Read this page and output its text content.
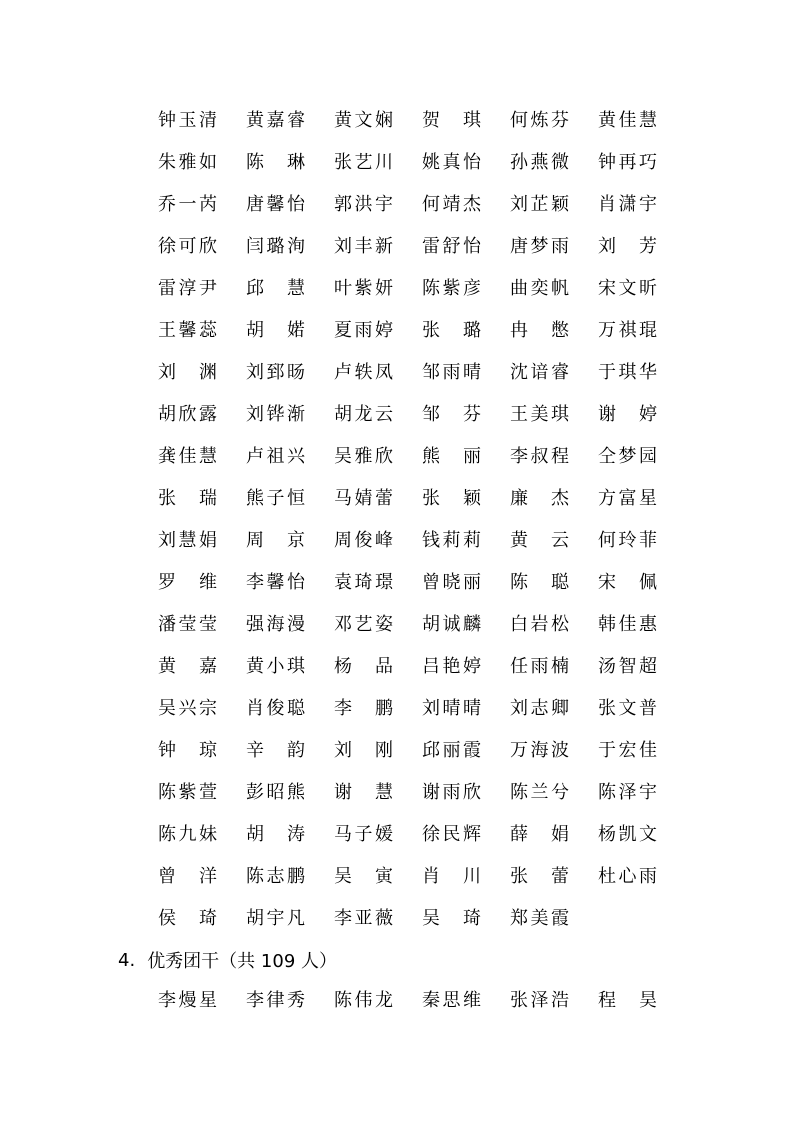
钟 玉 清 黄 嘉 睿 黄 文 娴 贺 琪 何 炼 芬 黄 佳 慧
朱 雅 如 陈 琳 张 艺 川 姚 真 怡 孙 燕 微 钟 再 巧
乔 一 芮 唐 馨 怡 郭 洪 宇 何 靖 杰 刘 芷 颖 肖 潇 宇
徐 可 欣 闫 璐 洵 刘 丰 新 雷 舒 怡 唐 梦 雨 刘 芳
雷 淳 尹 邱 慧 叶 紫 妍 陈 紫 彦 曲 奕 帆 宋 文 昕
王 馨 蕊 胡 婼 夏 雨 婷 张 璐 冉 憋 万 祺 琨
刘 渊 刘 郅 旸 卢 轶 凤 邹 雨 晴 沈 谙 睿 于 琪 华
胡 欣 露 刘 铧 渐 胡 龙 云 邹 芬 王 美 琪 谢 婷
龚 佳 慧 卢 祖 兴 吴 雅 欣 熊 丽 李 叔 程 仝 梦 园
张 瑞 熊 子 恒 马 婧 蕾 张 颖 廉 杰 方 富 星
刘 慧 娟 周 京 周 俊 峰 钱 莉 莉 黄 云 何 玲 菲
罗 维 李 馨 怡 袁 琦 璟 曾 晓 丽 陈 聪 宋 佩
潘 莹 莹 强 海 漫 邓 艺 姿 胡 诚 麟 白 岩 松 韩 佳 惠
黄 嘉 黄 小 琪 杨 品 吕 艳 婷 任 雨 楠 汤 智 超
吴 兴 宗 肖 俊 聪 李 鹏 刘 晴 晴 刘 志 卿 张 文 普
钟 琼 辛 韵 刘 刚 邱 丽 霞 万 海 波 于 宏 佳
陈 紫 萱 彭 昭 熊 谢 慧 谢 雨 欣 陈 兰 兮 陈 泽 宇
陈 九 妹 胡 涛 马 子 媛 徐 民 辉 薛 娟 杨 凯 文
曾 洋 陈 志 鹏 吴 寅 肖 川 张 蕾 杜 心 雨
侯 琦 胡 宇 凡 李 亚 薇 吴 琦 郑 美 霞
4. 优秀团干（共 109 人）
李 熳 星 李 律 秀 陈 伟 龙 秦 思 维 张 泽 浩 程 昊
